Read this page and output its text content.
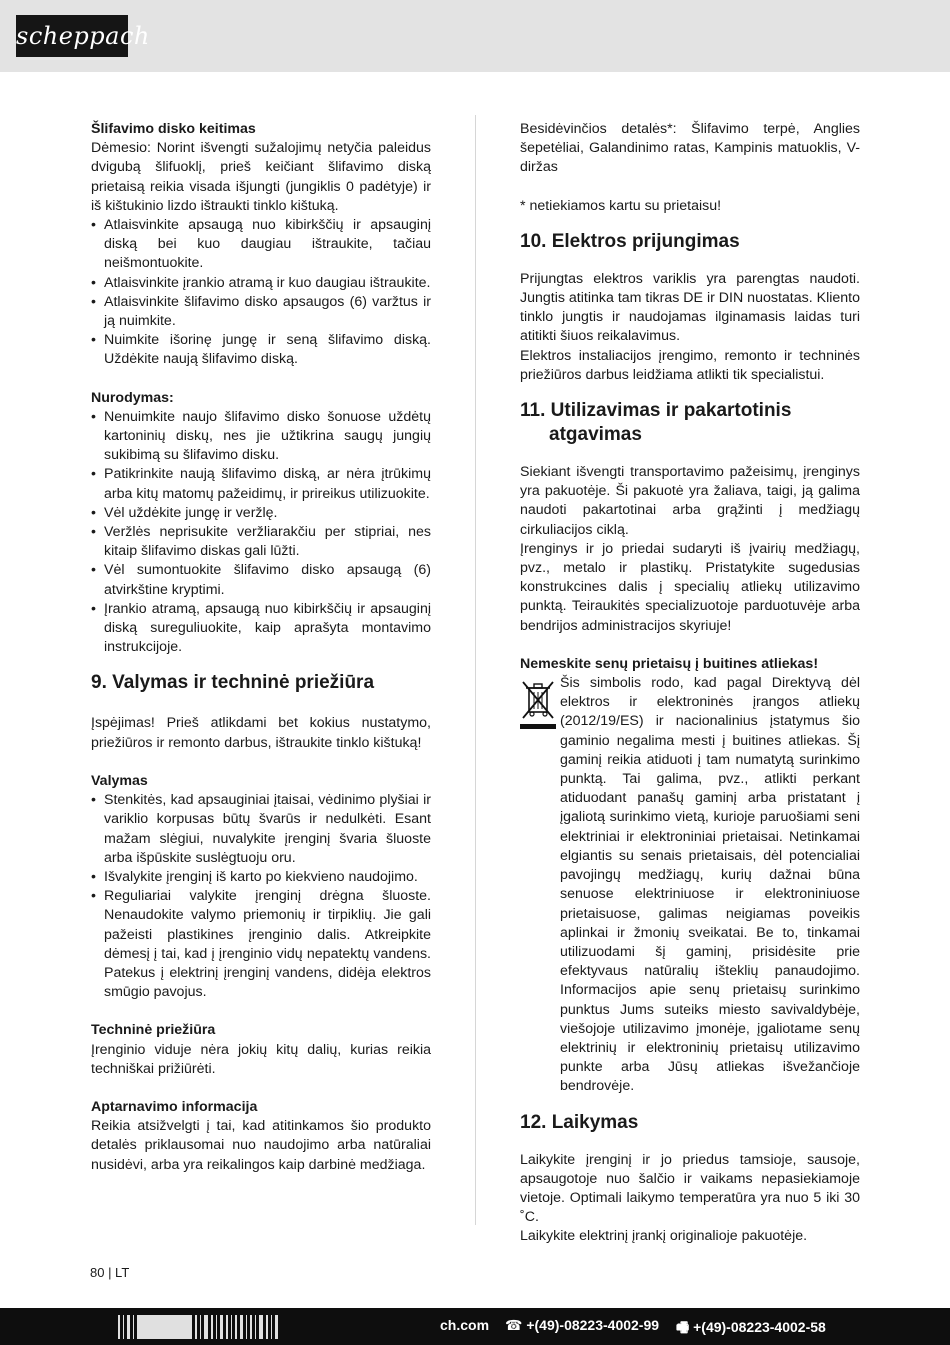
scheppach

Šlifavimo disko keitimas

Dėmesio: Norint išvengti sužalojimų netyčia paleidus dvigubą šlifuoklį, prieš keičiant šlifavimo diską prietaisą reikia visada išjungti (jungiklis 0 padėtyje) ir iš kištukinio lizdo ištraukti tinklo kištuką.

• Atlaisvinkite apsaugą nuo kibirkščių ir apsauginį diską bei kuo daugiau ištraukite, tačiau neišmontuokite.
• Atlaisvinkite įrankio atramą ir kuo daugiau ištraukite.
• Atlaisvinkite šlifavimo disko apsaugos (6) varžtus ir ją nuimkite.
• Nuimkite išorinę jungę ir seną šlifavimo diską. Uždėkite naują šlifavimo diską.

Nurodymas:

• Nenuimkite naujo šlifavimo disko šonuose uždėtų kartoninių diskų, nes jie užtikrina saugų jungių sukibimą su šlifavimo disku.
• Patikrinkite naują šlifavimo diską, ar nėra įtrūkimų arba kitų matomų pažeidimų, ir prireikus utilizuokite.
• Vėl uždėkite jungę ir veržlę.
• Veržlės neprisukite veržliarakčiu per stipriai, nes kitaip šlifavimo diskas gali lūžti.
• Vėl sumontuokite šlifavimo disko apsaugą (6) atvirkštine kryptimi.
• Įrankio atramą, apsaugą nuo kibirkščių ir apsauginį diską sureguliuokite, kaip aprašyta montavimo instrukcijoje.
9. Valymas ir techninė priežiūra

Įspėjimas! Prieš atlikdami bet kokius nustatymo, priežiūros ir remonto darbus, ištraukite tinklo kištuką!

Valymas

• Stenkitės, kad apsauginiai įtaisai, vėdinimo plyšiai ir variklio korpusas būtų švarūs ir nedulkėti. Esant mažam slėgiui, nuvalykite įrenginį švaria šluoste arba išpūskite suslėgtuoju oru.
• Išvalykite įrenginį iš karto po kiekvieno naudojimo.
• Reguliariai valykite įrenginį drėgna šluoste. Nenaudokite valymo priemonių ir tirpiklių. Jie gali pažeisti plastikines įrenginio dalis. Atkreipkite dėmesį į tai, kad į įrenginio vidų nepatektų vandens. Patekus į elektrinį įrenginį vandens, didėja elektros smūgio pavojus.

Techninė priežiūra

Įrenginio viduje nėra jokių kitų dalių, kurias reikia techniškai prižiūrėti.

Aptarnavimo informacija

Reikia atsižvelgti į tai, kad atitinkamos šio produkto detalės priklausomai nuo naudojimo arba natūraliai nusidėvi, arba yra reikalingos kaip darbinė medžiaga.

Besidėvinčios detalės*: Šlifavimo terpė, Anglies šepetėliai, Galandinimo ratas, Kampinis matuoklis, V-diržas

* netiekiamos kartu su prietaisu!

10. Elektros prijungimas

Prijungtas elektros variklis yra parengtas naudoti. Jungtis atitinka tam tikras DE ir DIN nuostatas. Kliento tinklo jungtis ir naudojamas ilginamasis laidas turi atitikti šiuos reikalavimus.

Elektros instaliacijos įrengimo, remonto ir techninės priežiūros darbus leidžiama atlikti tik specialistui.

11. Utilizavimas ir pakartotinis atgavimas

Siekiant išvengti transportavimo pažeisimų, įrenginys yra pakuotėje. Ši pakuotė yra žaliava, taigi, ją galima naudoti pakartotinai arba grąžinti į medžiagų cirkuliacijos ciklą.

Įrenginys ir jo priedai sudaryti iš įvairių medžiagų, pvz., metalo ir plastikų. Pristatykite sugedusias konstrukcines dalis į specialių atliekų utilizavimo punktą. Teiraukitės specializuotoje parduotuvėje arba bendrijos administracijos skyriuje!

Nemeskite senų prietaisų į buitines atliekas!

Šis simbolis rodo, kad pagal Direktyvą dėl elektros ir elektroninės įrangos atliekų (2012/19/ES) ir nacionalinius įstatymus šio gaminio negalima mesti į buitines atliekas. Šį gaminį reikia atiduoti į tam numatytą surinkimo punktą. Tai galima, pvz., atlikti perkant atiduodant panašų gaminį arba pristatant į įgaliotą surinkimo vietą, kurioje paruošiami seni elektriniai ir elektroniniai prietaisai. Netinkamai elgiantis su senais prietaisais, dėl potencialiai pavojingų medžiagų, kurių dažnai būna senuose elektriniuose ir elektroniniuose prietaisuose, galimas neigiamas poveikis aplinkai ir žmonių sveikatai. Be to, tinkamai utilizuodami šį gaminį, prisidėsite prie efektyvaus natūralių išteklių panaudojimo. Informacijos apie senų prietaisų surinkimo punktus Jums suteiks miesto savivaldybėje, viešojoje utilizavimo įmonėje, įgaliotame senų elektrinių ir elektroninių prietaisų utilizavimo punkte arba Jūsų atliekas išvežančioje bendrovėje.

12. Laikymas

Laikykite įrenginį ir jo priedus tamsioje, sausoje, apsaugotoje nuo šalčio ir vaikams nepasiekiamoje vietoje. Optimali laikymo temperatūra yra nuo 5 iki 30 ˚C.

Laikykite elektrinį įrankį originalioje pakuotėje.

80 | LT
ch.com ☎ +(49)-08223-4002-99 🖷 +(49)-08223-4002-58
